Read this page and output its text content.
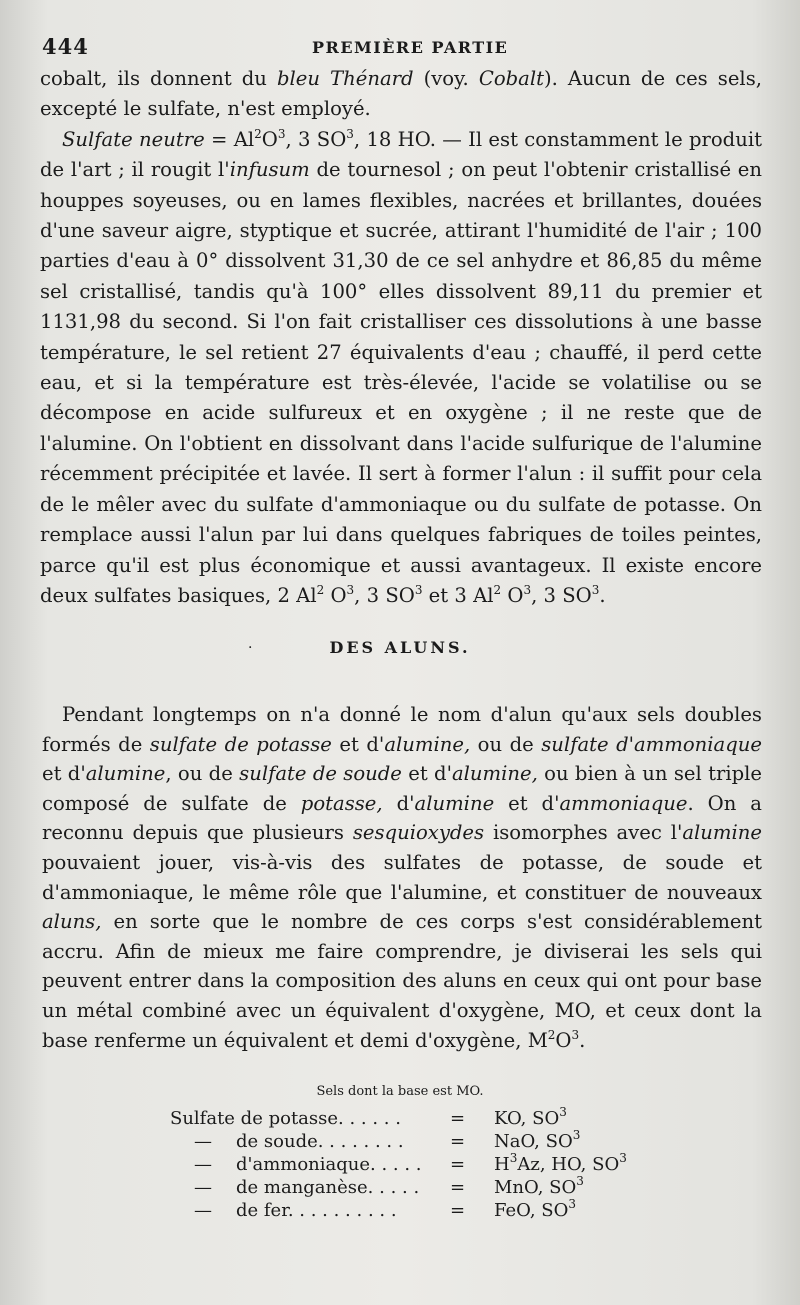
444	PREMIÈRE PARTIE

cobalt, ils donnent du bleu Thénard (voy. Cobalt). Aucun de ces sels, excepté le sulfate, n'est employé.

Sulfate neutre = $Al^2O^3$, 3 $SO^3$, 18 HO. — Il est constamment le produit de l'art ; il rougit l'infusum de tournesol ; on peut l'obtenir cristallisé en houppes soyeuses, ou en lames flexibles, nacrées et brillantes, douées d'une saveur aigre, styptique et sucrée, attirant l'humidité de l'air ; 100 parties d'eau à 0° dissolvent 31,30 de ce sel anhydre et 86,85 du même sel cristallisé, tandis qu'à 100° elles dissolvent 89,11 du premier et 1131,98 du second. Si l'on fait cristalliser ces dissolutions à une basse température, le sel retient 27 équivalents d'eau ; chauffé, il perd cette eau, et si la température est très-élevée, l'acide se volatilise ou se décompose en acide sulfureux et en oxygène ; il ne reste que de l'alumine. On l'obtient en dissolvant dans l'acide sulfurique de l'alumine récemment précipitée et lavée. Il sert à former l'alun : il suffit pour cela de le mêler avec du sulfate d'ammoniaque ou du sulfate de potasse. On remplace aussi l'alun par lui dans quelques fabriques de toiles peintes, parce qu'il est plus économique et aussi avantageux. Il existe encore deux sulfates basiques, 2 Al$^2$ $O^3$, 3 $SO^3$ et 3 Al$^2$ $O^3$, 3 $SO^3$.

·	DES ALUNS.

Pendant longtemps on n'a donné le nom d'alun qu'aux sels doubles formés de sulfate de potasse et d'alumine, ou de sulfate d'ammoniaque et d'alumine, ou de sulfate de soude et d'alumine, ou bien à un sel triple composé de sulfate de potasse, d'alumine et d'ammoniaque. On a reconnu depuis que plusieurs sesquioxydes isomorphes avec l'alumine pouvaient jouer, vis-à-vis des sulfates de potasse, de soude et d'ammoniaque, le même rôle que l'alumine, et constituer de nouveaux aluns, en sorte que le nombre de ces corps s'est considérablement accru. Afin de mieux me faire comprendre, je diviserai les sels qui peuvent entrer dans la composition des aluns en ceux qui ont pour base un métal combiné avec un équivalent d'oxygène, MO, et ceux dont la base renferme un équivalent et demi d'oxygène, $M^2O^3$.

Sels dont la base est MO.
Sulfate de potasse. . . . . .	= KO, $SO^3$
— de soude. . . . . . . .	= NaO, $SO^3$
— d'ammoniaque. . . . . = $H^3Az$, HO, $SO^3$
— de manganèse. . . . . = MnO, $SO^3$
— de fer. . . . . . . . . .	= FeO, $SO^3$
